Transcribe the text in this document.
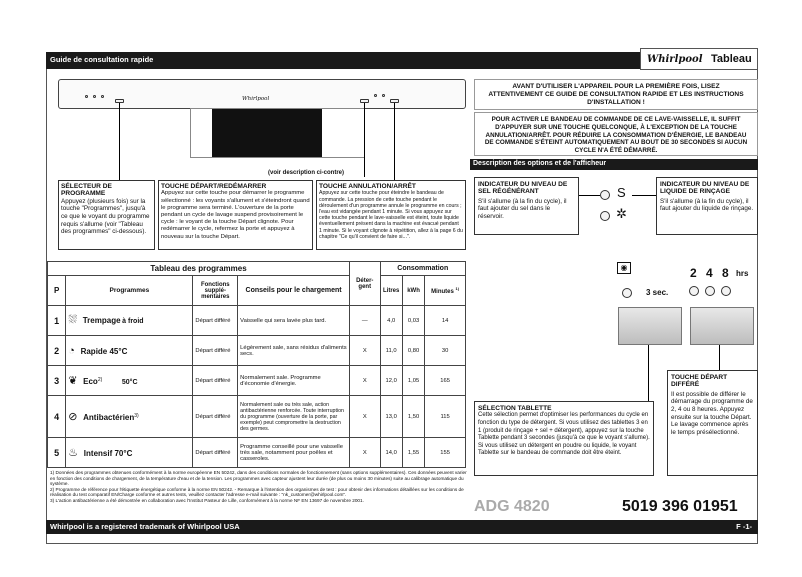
Guide de consultation rapide	Whirlpool Tableau
Whirlpool
(voir description ci-contre)
SÉLECTEUR DE PROGRAMME
Appuyez (plusieurs fois) sur la touche "Programmes", jusqu'à ce que le voyant du programme requis s'allume (voir "Tableau des programmes" ci-dessous).
TOUCHE DÉPART/REDÉMARRER
Appuyez sur cette touche pour démarrer le programme sélectionné : les voyants s'allument et s'éteindront quand le programme sera terminé. L'ouverture de la porte pendant un cycle de lavage suspend provisoirement le cycle : le voyant de la touche Départ clignote. Pour redémarrer le cycle, refermez la porte et appuyez à nouveau sur la touche Départ.
TOUCHE ANNULATION/ARRÊT
Appuyez sur cette touche pour éteindre le bandeau de commande. La pression de cette touche pendant le déroulement d'un programme annule le programme en cours ; l'eau est vidangée pendant 1 minute. Si vous appuyez sur cette touche pendant le lave-vaisselle est éteint, toute liquide éventuellement présent dans la machine est évacué pendant 1 minute. Si le voyant clignote à répétition, allez à la page 6 du chapitre "Ce qu'il convient de faire si...".
AVANT D'UTILISER L'APPAREIL POUR LA PREMIÈRE FOIS, LISEZ ATTENTIVEMENT CE GUIDE DE CONSULTATION RAPIDE ET LES INSTRUCTIONS D'INSTALLATION !
POUR ACTIVER LE BANDEAU DE COMMANDE DE CE LAVE-VAISSELLE, IL SUFFIT D'APPUYER SUR UNE TOUCHE QUELCONQUE, À L'EXCEPTION DE LA TOUCHE ANNULATION/ARRÊT. POUR RÉDUIRE LA CONSOMMATION D'ÉNERGIE, LE BANDEAU DE COMMANDE S'ÉTEINT AUTOMATIQUEMENT AU BOUT DE 30 SECONDES SI AUCUN CYCLE N'A ÉTÉ DÉMARRÉ.
Description des options et de l'afficheur
INDICATEUR DU NIVEAU DE SEL RÉGÉNÉRANT
S'il s'allume (à la fin du cycle), il faut ajouter du sel dans le réservoir.
INDICATEUR DU NIVEAU DE LIQUIDE DE RINÇAGE
S'il s'allume (à la fin du cycle), il faut ajouter du liquide de rinçage.
S
✲
◉
3 sec.
2 4 8 hrs
SÉLECTION TABLETTE
Cette sélection permet d'optimiser les performances du cycle en fonction du type de détergent. Si vous utilisez des tablettes 3 en 1 (produit de rinçage + sel + détergent), appuyez sur la touche Tablette pendant 3 secondes (jusqu'à ce que le voyant s'allume). Si vous utilisez un détergent en poudre ou liquide, le voyant Tablette sur le bandeau de commande doit être éteint.
TOUCHE DÉPART DIFFÉRÉ
Il est possible de différer le démarrage du programme de 2, 4 ou 8 heures. Appuyez ensuite sur la touche Départ. Le lavage commence après le temps présélectionné.
Tableau des programmes				Déter-gent	Consommation		
P	Programmes	Fonctions supplé-mentaires	Conseils pour le chargement		Litres	kWh	Minutes $^{1)}$
1	⛆ Trempage à froid	Départ différé	Vaisselle qui sera lavée plus tard.	—	4,0	0,03	14
2	◔ Rapide 45°C	Départ différé	Légèrement sale, sans résidus d'aliments secs.	X	11,0	0,80	30
3	❦ Eco$^{2)}$ 50°C	Départ différé	Normalement sale. Programme d'économie d'énergie.	X	12,0	1,05	165
4	⊘ Antibactérien$^{3)}$	Départ différé	Normalement sale ou très sale, action antibactérienne renforcée. Toute interruption du programme (ouverture de la porte, par exemple) peut compromettre la destruction des germes.	X	13,0	1,50	115
5	♨ Intensif 70°C	Départ différé	Programme conseillé pour une vaisselle très sale, notamment pour poêles et casseroles.	X	14,0	1,55	155
1) Données des programmes obtenues conformément à la norme européenne EN 50242, dans des conditions normales de fonctionnement (sans options supplémentaires). Ces données peuvent varier en fonction des conditions de chargement, de la température d'eau et de la tension. Les programmes avec capteur ajustent leur durée (de plus ou moins 30 minutes) suite au calibrage automatique du système.
2) Programme de référence pour l'étiquette énergétique conforme à la norme EN 50242. - Remarque à l'intention des organismes de test : pour obtenir des informations détaillées sur les conditions de réalisation du test comparatif EN/Charge conforme et autres tests, veuillez contacter l'adresse e-mail suivante : "nk_customer@whirlpool.com".
3) L'action antibactérienne a été démontrée en collaboration avec l'Institut Pasteur de Lille, conformément à la norme NF EN 13697 de novembre 2001.	ADG 4820	5019 396 01951
Whirlpool is a registered trademark of Whirlpool USA	F -1-
